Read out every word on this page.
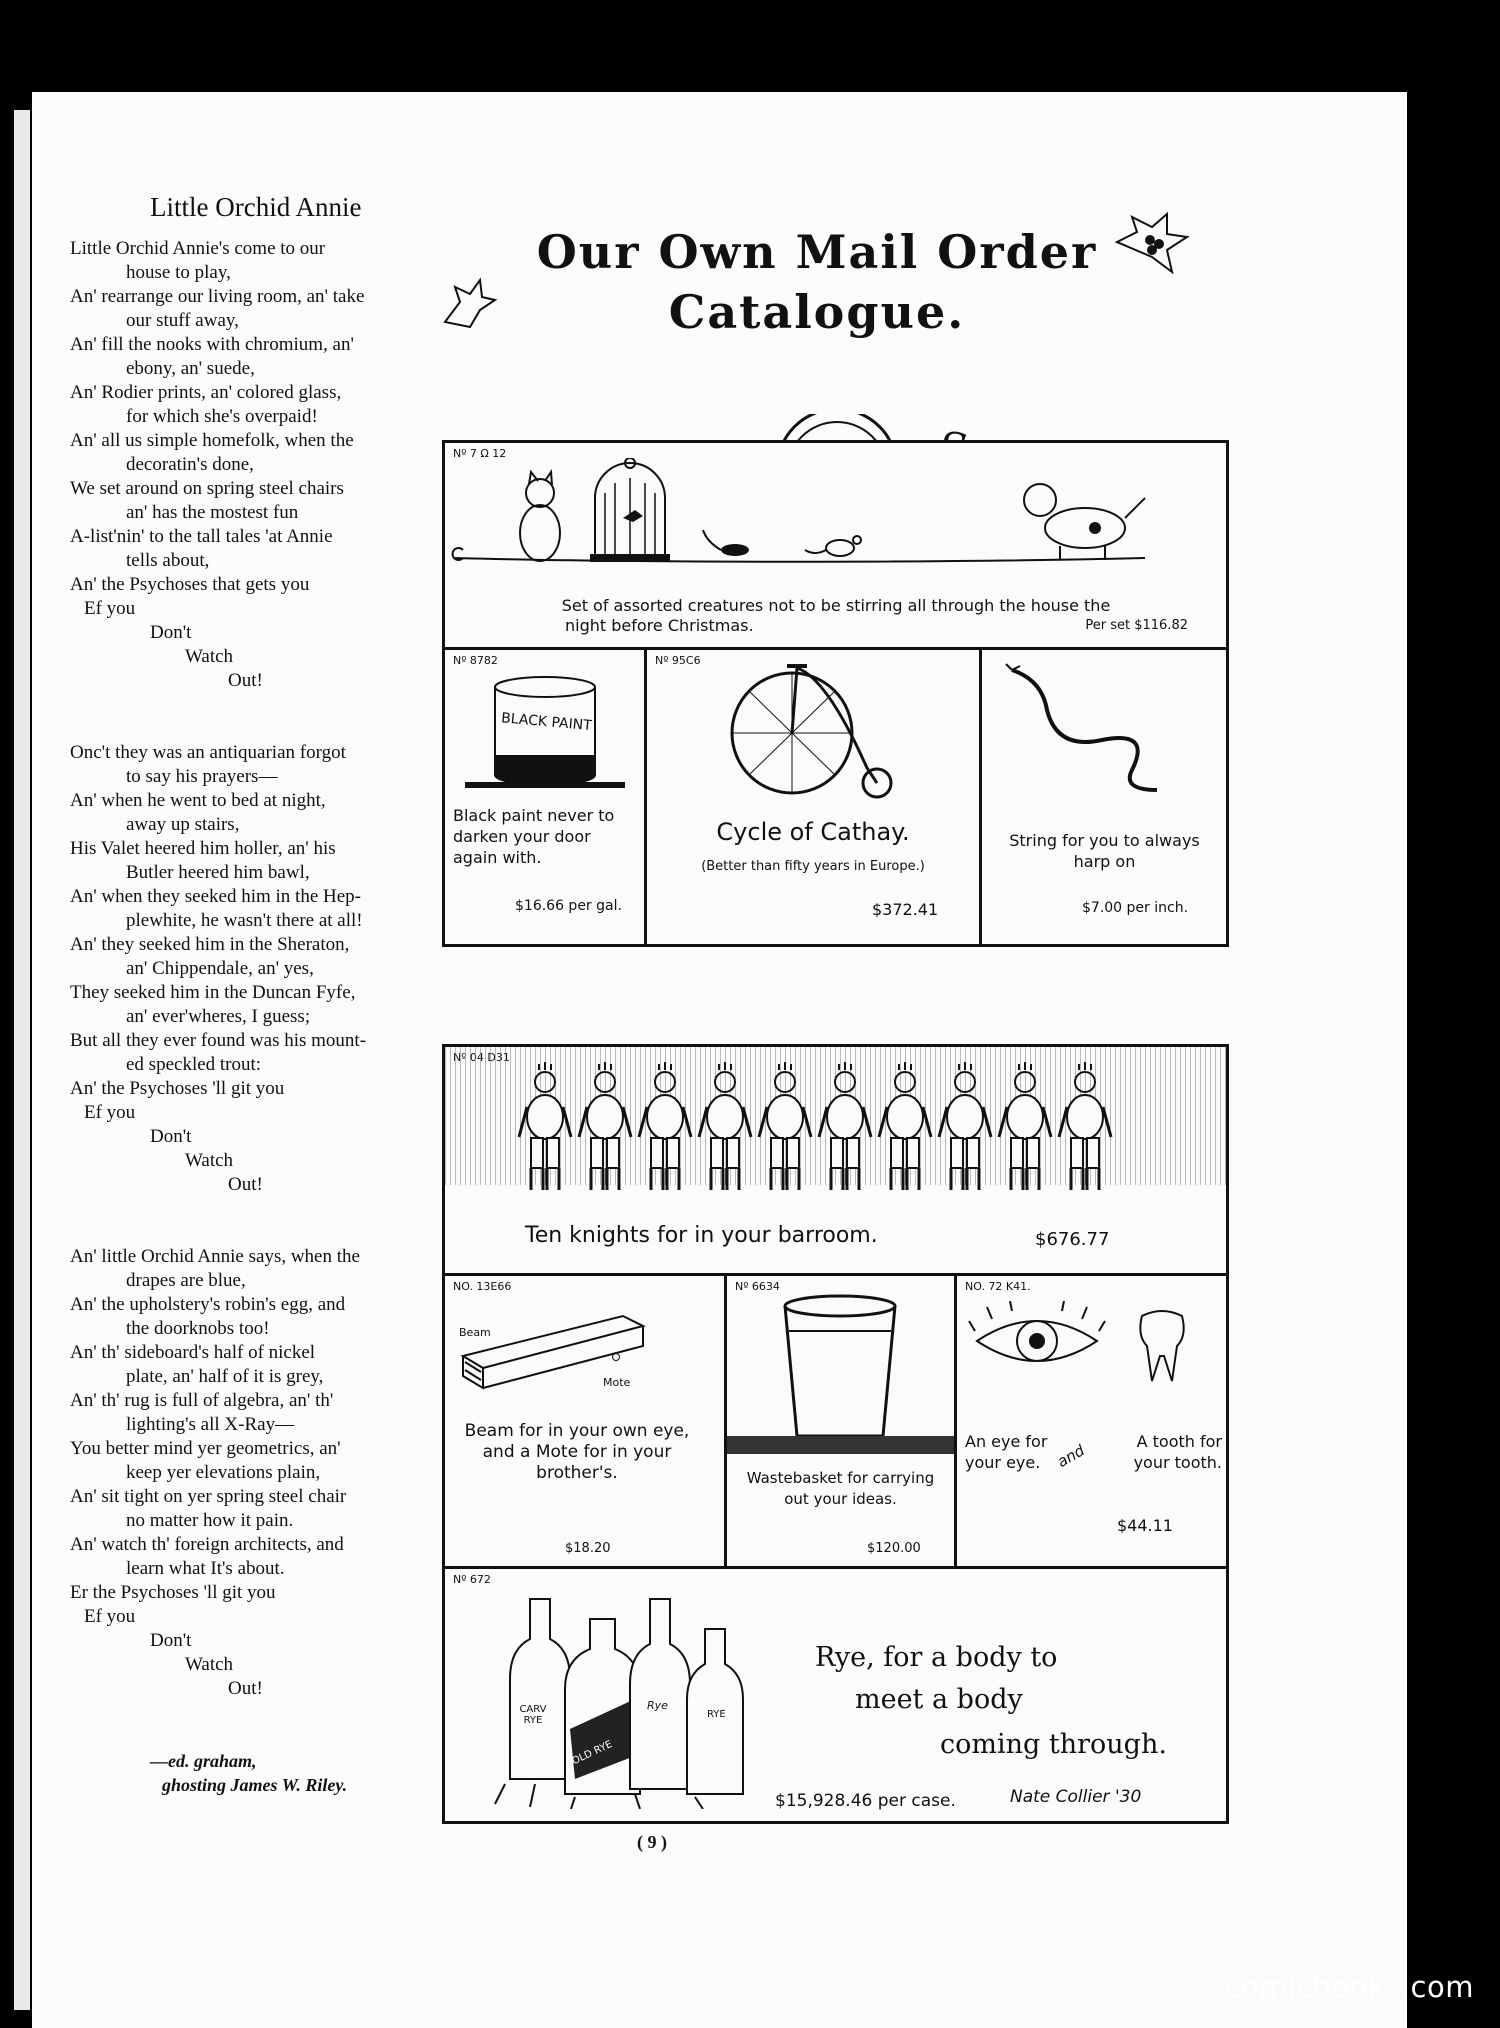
Little Orchid Annie
Little Orchid Annie's come to our
house to play,
An' rearrange our living room, an' take
our stuff away,
An' fill the nooks with chromium, an'
ebony, an' suede,
An' Rodier prints, an' colored glass,
for which she's overpaid!
An' all us simple homefolk, when the
decoratin's done,
We set around on spring steel chairs
an' has the mostest fun
A-list'nin' to the tall tales 'at Annie
tells about,
An' the Psychoses that gets you
Ef you
Don't
Watch
Out!
Onc't they was an antiquarian forgot
to say his prayers—
An' when he went to bed at night,
away up stairs,
His Valet heered him holler, an' his
Butler heered him bawl,
An' when they seeked him in the Hep-
plewhite, he wasn't there at all!
An' they seeked him in the Sheraton,
an' Chippendale, an' yes,
They seeked him in the Duncan Fyfe,
an' ever'wheres, I guess;
But all they ever found was his mount-
ed speckled trout:
An' the Psychoses 'll git you
Ef you
Don't
Watch
Out!
An' little Orchid Annie says, when the
drapes are blue,
An' the upholstery's robin's egg, and
the doorknobs too!
An' th' sideboard's half of nickel
plate, an' half of it is grey,
An' th' rug is full of algebra, an' th'
lighting's all X-Ray—
You better mind yer geometrics, an'
keep yer elevations plain,
An' sit tight on yer spring steel chair
no matter how it pain.
An' watch th' foreign architects, and
learn what It's about.
Er the Psychoses 'll git you
Ef you
Don't
Watch
Out!
—ed. graham,
ghosting James W. Riley.
Our Own Mail Order
Catalogue.
Nº 7 Ω 12
Set of assorted creatures not to be stirring all through the house the
night before Christmas.	Per set $116.82
Nº 8782
BLACK PAINT
Black paint never to darken your door again with.
$16.66 per gal.
Nº 95C6
Cycle of Cathay.
(Better than fifty years in Europe.)
$372.41
String for you to always harp on
$7.00 per inch.
Ten knights for in your barroom.	$676.77
NO. 13E66
Beam
Mote
Beam for in your own eye, and a Mote for in your brother's.
$18.20
Nº 6634
Wastebasket for carrying out your ideas.
$120.00
NO. 72 K41.
An eye for your eye. and	A tooth for your tooth.
$44.11
Nº 672
CARV RYE
OLD RYE
Rye
RYE
Rye, for a body to
meet a body
coming through.
$15,928.46 per case.	Nate Collier '30
( 9 )
comicbooks.com
